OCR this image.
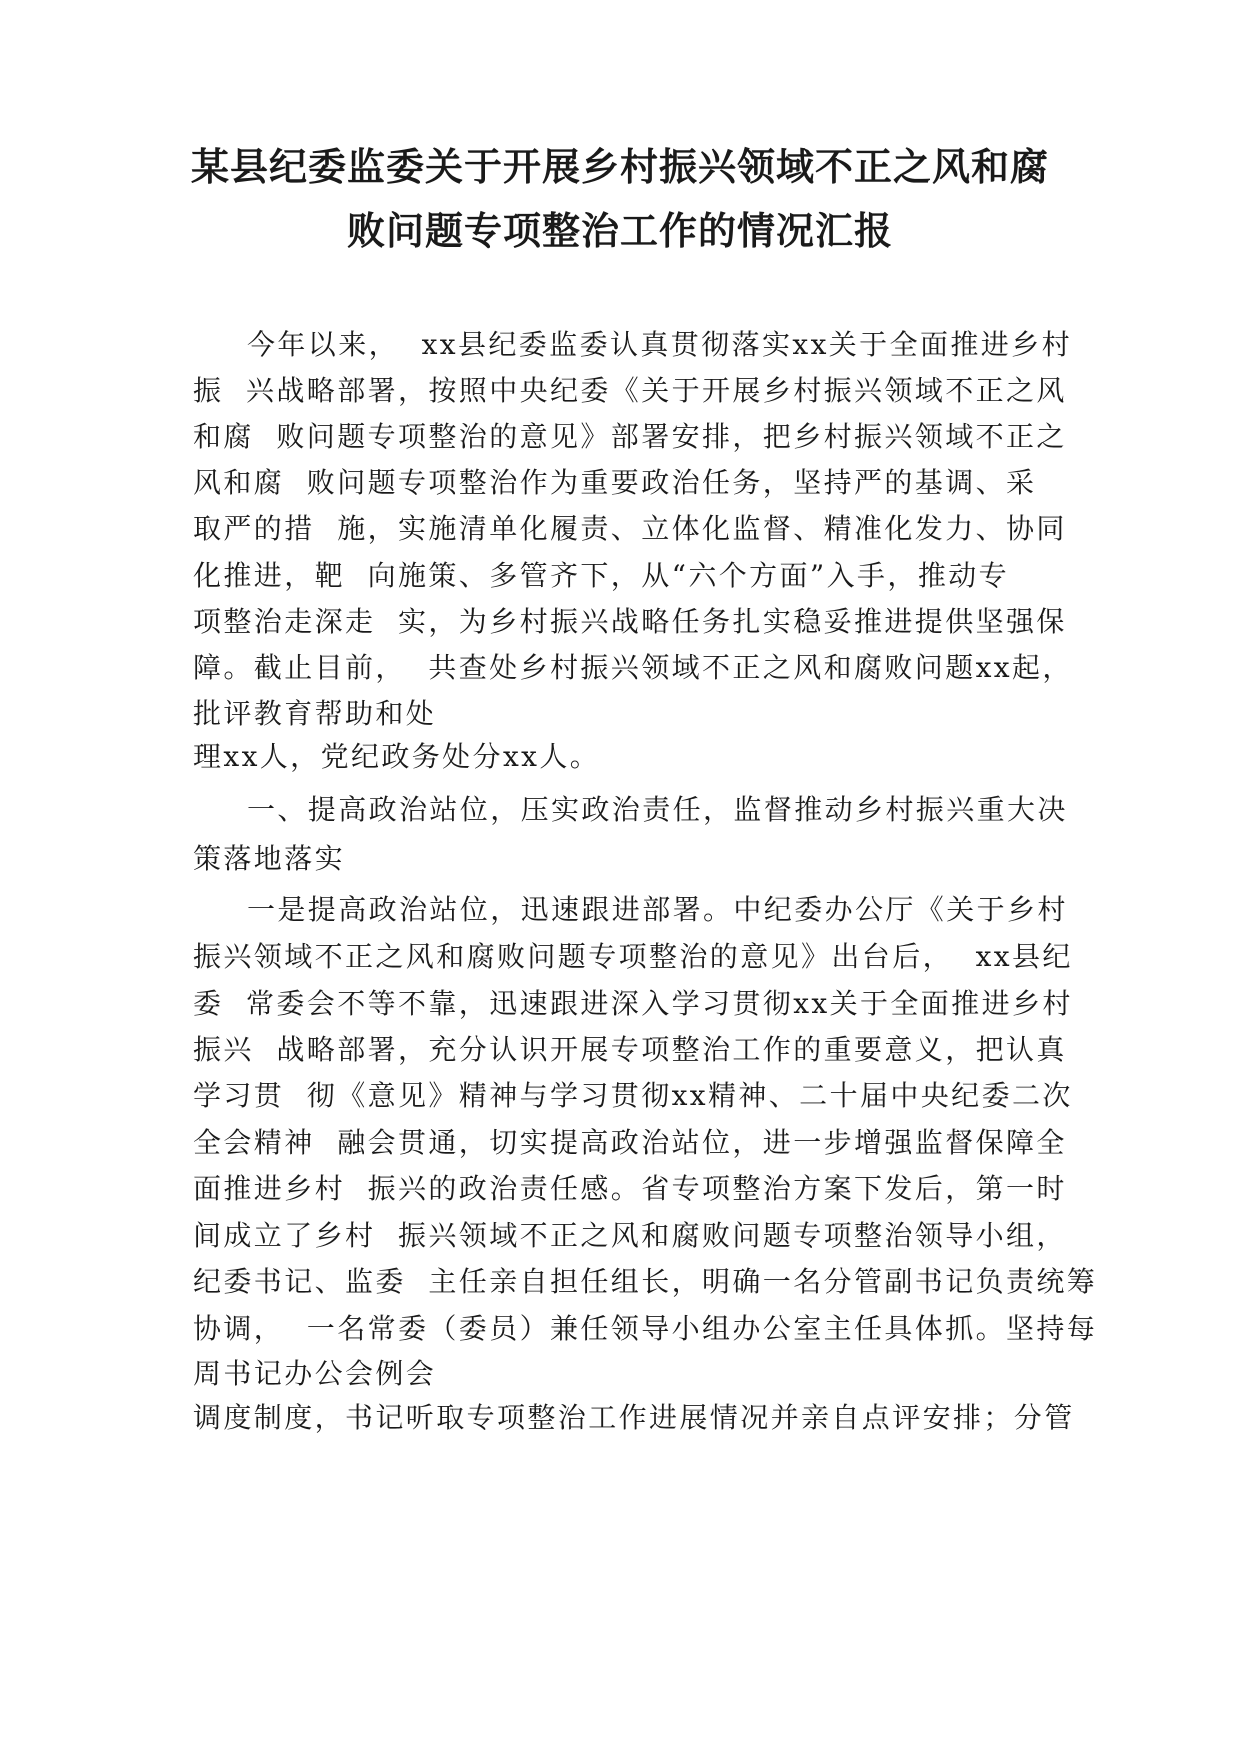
某县纪委监委关于开展乡村振兴领域不正之风和腐
败问题专项整治工作的情况汇报
今年以来，  xx县纪委监委认真贯彻落实xx关于全面推进乡村
振  兴战略部署，按照中央纪委《关于开展乡村振兴领域不正之风
和腐  败问题专项整治的意见》部署安排，把乡村振兴领域不正之
风和腐  败问题专项整治作为重要政治任务，坚持严的基调、采
取严的措  施，实施清单化履责、立体化监督、精准化发力、协同
化推进，靶  向施策、多管齐下，从“六个方面”入手，推动专
项整治走深走  实，为乡村振兴战略任务扎实稳妥推进提供坚强保
障。截止目前，  共查处乡村振兴领域不正之风和腐败问题xx起，
批评教育帮助和处
理xx人，党纪政务处分xx人。
一、提高政治站位，压实政治责任，监督推动乡村振兴重大决
策落地落实
一是提高政治站位，迅速跟进部署。中纪委办公厅《关于乡村
振兴领域不正之风和腐败问题专项整治的意见》出台后，  xx县纪
委  常委会不等不靠，迅速跟进深入学习贯彻xx关于全面推进乡村
振兴  战略部署，充分认识开展专项整治工作的重要意义，把认真
学习贯  彻《意见》精神与学习贯彻xx精神、二十届中央纪委二次
全会精神  融会贯通，切实提高政治站位，进一步增强监督保障全
面推进乡村  振兴的政治责任感。省专项整治方案下发后，第一时
间成立了乡村  振兴领域不正之风和腐败问题专项整治领导小组，
纪委书记、监委  主任亲自担任组长，明确一名分管副书记负责统筹
协调，  一名常委（委员）兼任领导小组办公室主任具体抓。坚持每
周书记办公会例会
调度制度，书记听取专项整治工作进展情况并亲自点评安排；分管
